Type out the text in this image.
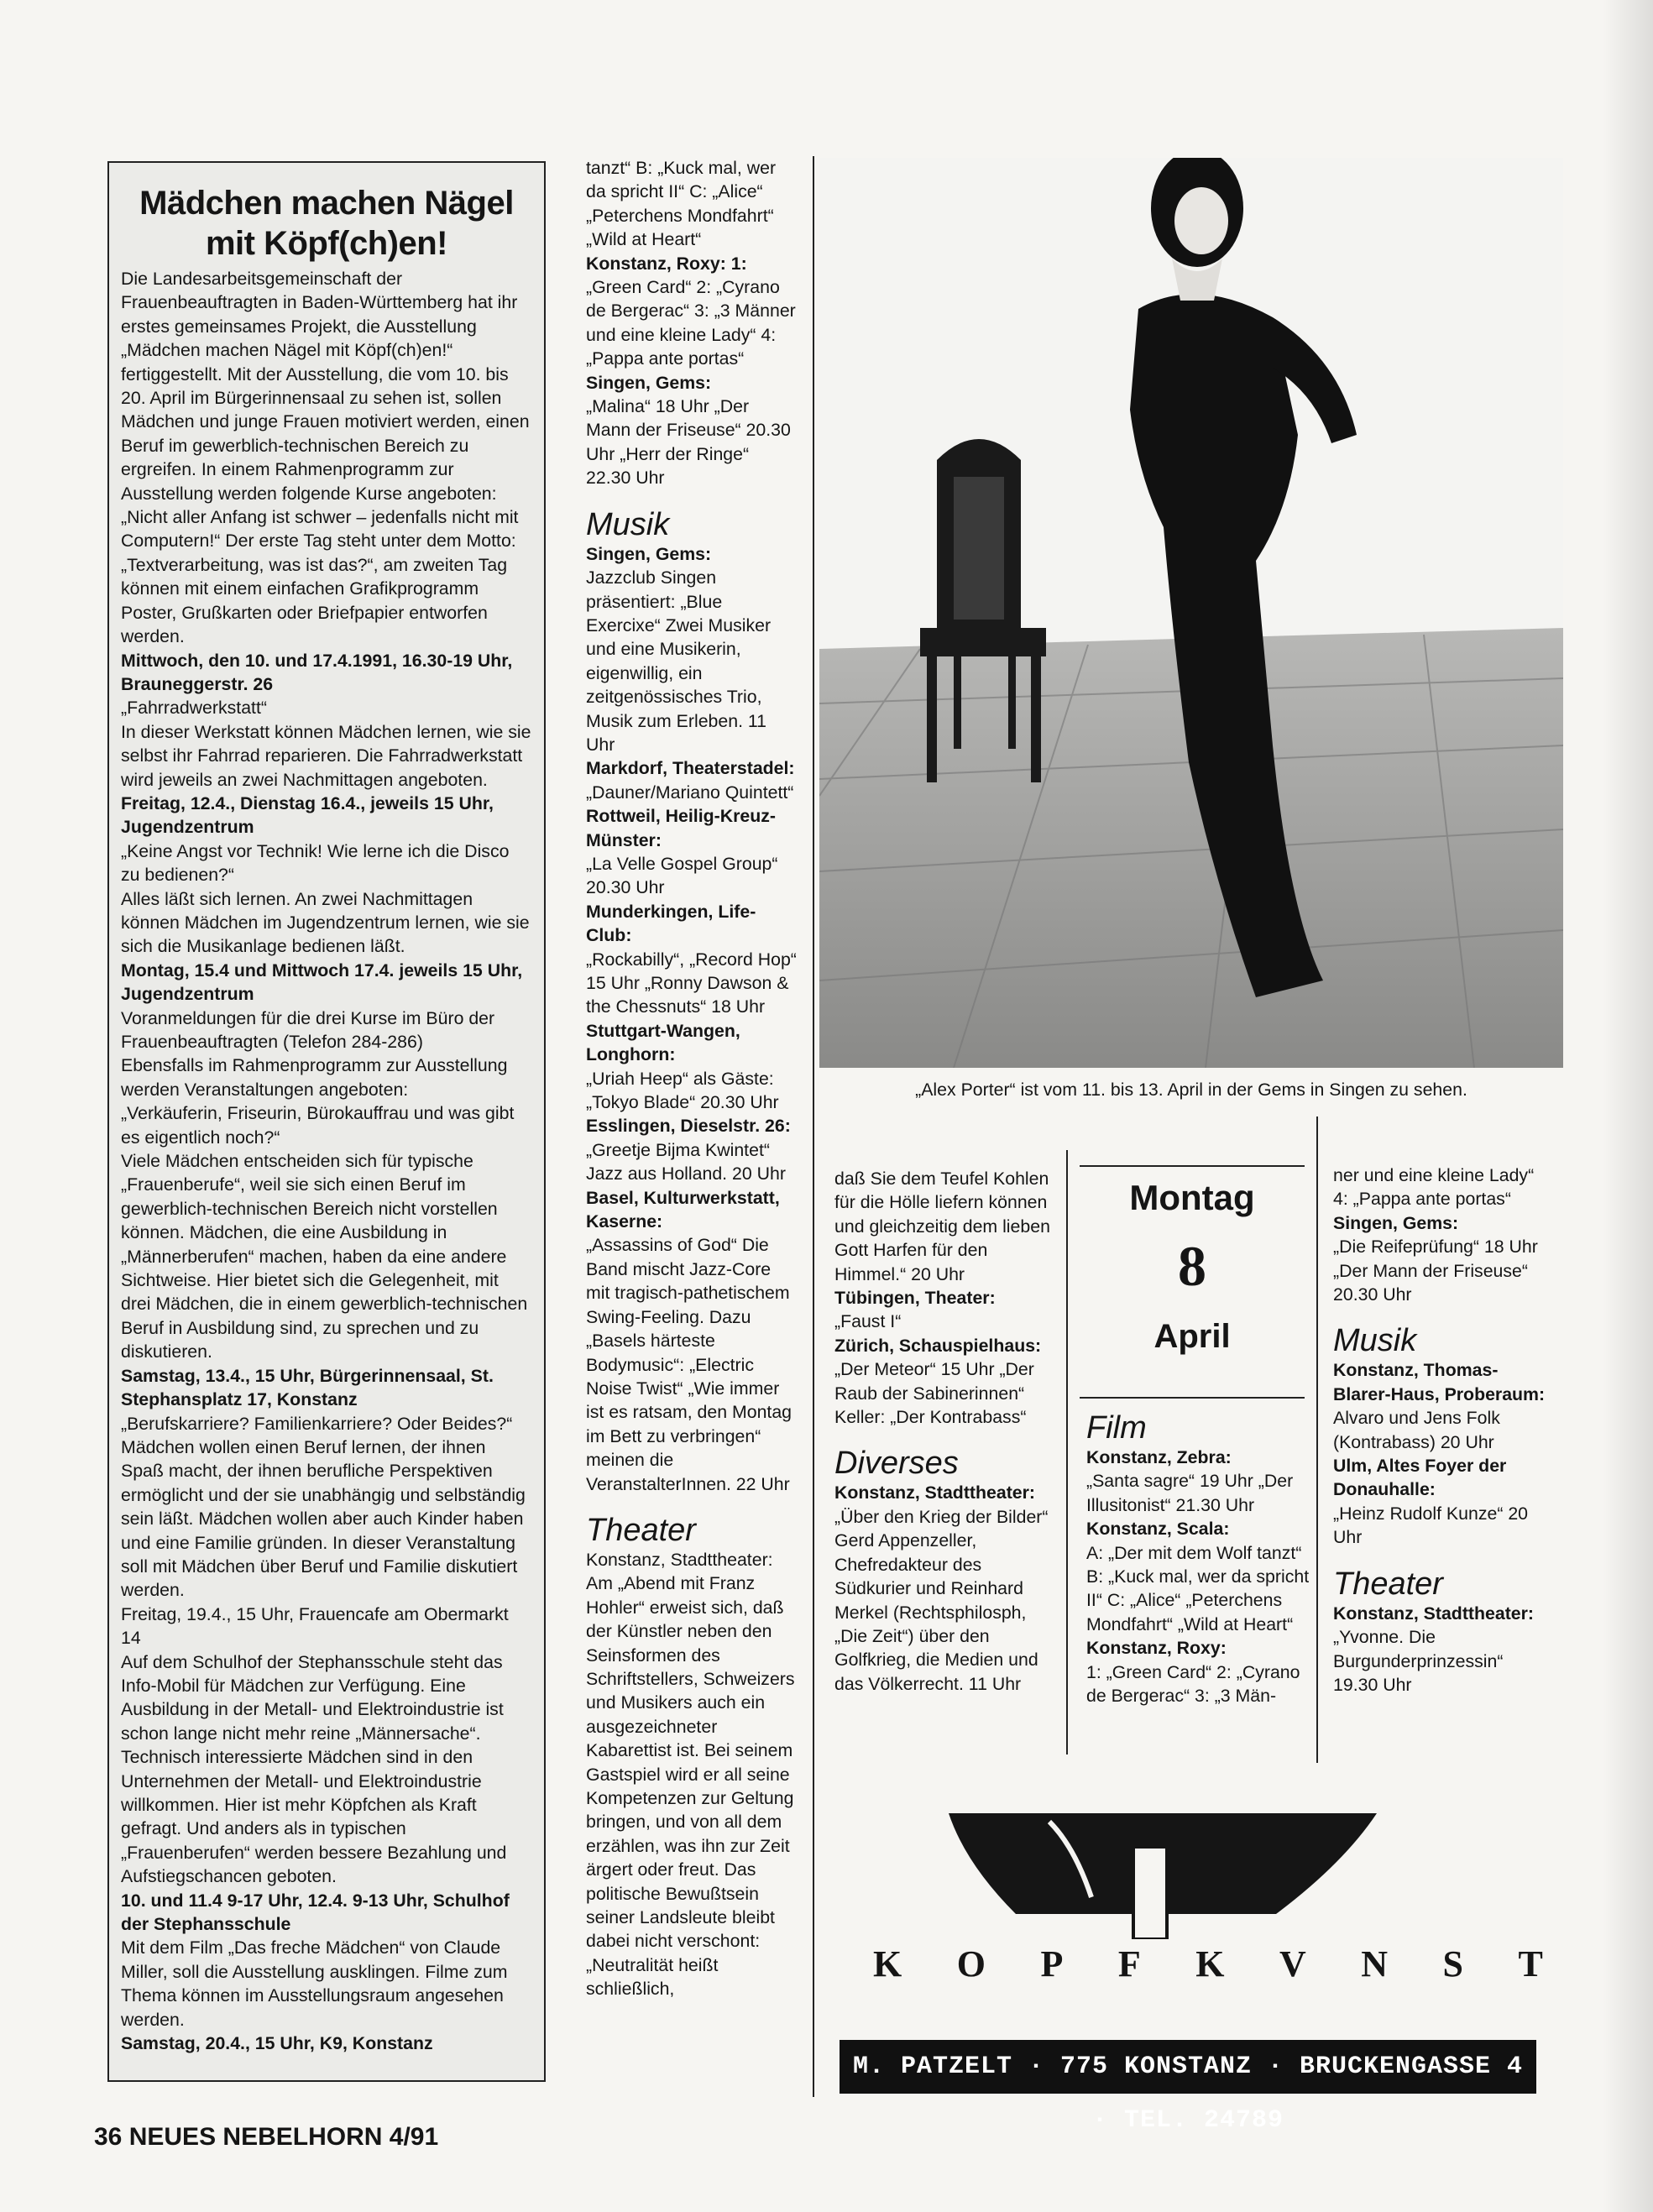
Mädchen machen Nägel mit Köpf(ch)en!

Die Landesarbeitsgemeinschaft der Frauenbeauftragten in Baden-Württemberg hat ihr erstes gemeinsames Projekt, die Ausstellung „Mädchen machen Nägel mit Köpf(ch)en!“ fertiggestellt. Mit der Ausstellung, die vom 10. bis 20. April im Bürgerinnensaal zu sehen ist, sollen Mädchen und junge Frauen motiviert werden, einen Beruf im gewerblich-technischen Bereich zu ergreifen. In einem Rahmenprogramm zur Ausstellung werden folgende Kurse angeboten:

„Nicht aller Anfang ist schwer – jedenfalls nicht mit Computern!“ Der erste Tag steht unter dem Motto: „Textverarbeitung, was ist das?“, am zweiten Tag können mit einem einfachen Grafikprogramm Poster, Grußkarten oder Briefpapier entworfen werden.

Mittwoch, den 10. und 17.4.1991, 16.30-19 Uhr, Brauneggerstr. 26

„Fahrradwerkstatt“

In dieser Werkstatt können Mädchen lernen, wie sie selbst ihr Fahrrad reparieren. Die Fahrradwerkstatt wird jeweils an zwei Nachmittagen angeboten.

Freitag, 12.4., Dienstag 16.4., jeweils 15 Uhr, Jugendzentrum

„Keine Angst vor Technik! Wie lerne ich die Disco zu bedienen?“

Alles läßt sich lernen. An zwei Nachmittagen können Mädchen im Jugendzentrum lernen, wie sie sich die Musikanlage bedienen läßt.

Montag, 15.4 und Mittwoch 17.4. jeweils 15 Uhr, Jugendzentrum

Voranmeldungen für die drei Kurse im Büro der Frauenbeauftragten (Telefon 284-286)

Ebensfalls im Rahmenprogramm zur Ausstellung werden Veranstaltungen angeboten:

„Verkäuferin, Friseurin, Bürokauffrau und was gibt es eigentlich noch?“

Viele Mädchen entscheiden sich für typische „Frauenberufe“, weil sie sich einen Beruf im gewerblich-technischen Bereich nicht vorstellen können. Mädchen, die eine Ausbildung in „Männerberufen“ machen, haben da eine andere Sichtweise. Hier bietet sich die Gelegenheit, mit drei Mädchen, die in einem gewerblich-technischen Beruf in Ausbildung sind, zu sprechen und zu diskutieren.

Samstag, 13.4., 15 Uhr, Bürgerinnensaal, St. Stephansplatz 17, Konstanz

„Berufskarriere? Familienkarriere? Oder Beides?“ Mädchen wollen einen Beruf lernen, der ihnen Spaß macht, der ihnen berufliche Perspektiven ermöglicht und der sie unabhängig und selbständig sein läßt. Mädchen wollen aber auch Kinder haben und eine Familie gründen. In dieser Veranstaltung soll mit Mädchen über Beruf und Familie diskutiert werden.

Freitag, 19.4., 15 Uhr, Frauencafe am Obermarkt 14

Auf dem Schulhof der Stephansschule steht das Info-Mobil für Mädchen zur Verfügung. Eine Ausbildung in der Metall- und Elektroindustrie ist schon lange nicht mehr reine „Männersache“. Technisch interessierte Mädchen sind in den Unternehmen der Metall- und Elektroindustrie willkommen. Hier ist mehr Köpfchen als Kraft gefragt. Und anders als in typischen „Frauenberufen“ werden bessere Bezahlung und Aufstiegschancen geboten.

10. und 11.4 9-17 Uhr, 12.4. 9-13 Uhr, Schulhof der Stephansschule

Mit dem Film „Das freche Mädchen“ von Claude Miller, soll die Ausstellung ausklingen. Filme zum Thema können im Ausstellungsraum angesehen werden.

Samstag, 20.4., 15 Uhr, K9, Konstanz

tanzt“ B: „Kuck mal, wer da spricht II“ C: „Alice“ „Peterchens Mondfahrt“ „Wild at Heart“

Konstanz, Roxy: 1:

„Green Card“ 2: „Cyrano de Bergerac“ 3: „3 Männer und eine kleine Lady“ 4: „Pappa ante portas“

Singen, Gems:

„Malina“ 18 Uhr „Der Mann der Friseuse“ 20.30 Uhr „Herr der Ringe“ 22.30 Uhr

Musik

Singen, Gems:

Jazzclub Singen präsentiert: „Blue Exercixe“ Zwei Musiker und eine Musikerin, eigenwillig, ein zeitgenössisches Trio, Musik zum Erleben. 11 Uhr

Markdorf, Theaterstadel:

„Dauner/Mariano Quintett“

Rottweil, Heilig-Kreuz-Münster:

„La Velle Gospel Group“ 20.30 Uhr

Munderkingen, Life-Club:

„Rockabilly“, „Record Hop“ 15 Uhr „Ronny Dawson & the Chessnuts“ 18 Uhr

Stuttgart-Wangen, Longhorn:

„Uriah Heep“ als Gäste: „Tokyo Blade“ 20.30 Uhr

Esslingen, Dieselstr. 26:

„Greetje Bijma Kwintet“ Jazz aus Holland. 20 Uhr

Basel, Kulturwerkstatt, Kaserne:

„Assassins of God“ Die Band mischt Jazz-Core mit tragisch-pathetischem Swing-Feeling. Dazu „Basels härteste Bodymusic“: „Electric Noise Twist“ „Wie immer ist es ratsam, den Montag im Bett zu verbringen“ meinen die VeranstalterInnen. 22 Uhr

Theater

Konstanz, Stadttheater: Am „Abend mit Franz Hohler“ erweist sich, daß der Künstler neben den Seinsformen des Schriftstellers, Schweizers und Musikers auch ein ausgezeichneter Kabarettist ist. Bei seinem Gastspiel wird er all seine Kompetenzen zur Geltung bringen, und von all dem erzählen, was ihn zur Zeit ärgert oder freut. Das politische Bewußtsein seiner Landsleute bleibt dabei nicht verschont: „Neutralität heißt schließlich,

„Alex Porter“ ist vom 11. bis 13. April in der Gems in Singen zu sehen.

daß Sie dem Teufel Kohlen für die Hölle liefern können und gleichzeitig dem lieben Gott Harfen für den Himmel.“ 20 Uhr

Tübingen, Theater:

„Faust I“

Zürich, Schauspielhaus:

„Der Meteor“ 15 Uhr „Der Raub der Sabinerinnen“ Keller: „Der Kontrabass“

Diverses

Konstanz, Stadttheater:

„Über den Krieg der Bilder“ Gerd Appenzeller, Chefredakteur des Südkurier und Reinhard Merkel (Rechtsphilosph, „Die Zeit“) über den Golfkrieg, die Medien und das Völkerrecht. 11 Uhr

Montag
8
April
Film

Konstanz, Zebra:

„Santa sagre“ 19 Uhr „Der Illusitonist“ 21.30 Uhr

Konstanz, Scala:

A: „Der mit dem Wolf tanzt“ B: „Kuck mal, wer da spricht II“ C: „Alice“ „Peterchens Mondfahrt“ „Wild at Heart“

Konstanz, Roxy:

1: „Green Card“ 2: „Cyrano de Bergerac“ 3: „3 Män-

ner und eine kleine Lady“ 4: „Pappa ante portas“

Singen, Gems:

„Die Reifeprüfung“ 18 Uhr „Der Mann der Friseuse“ 20.30 Uhr

Musik

Konstanz, Thomas-Blarer-Haus, Proberaum:

Alvaro und Jens Folk (Kontrabass) 20 Uhr

Ulm, Altes Foyer der Donauhalle:

„Heinz Rudolf Kunze“ 20 Uhr

Theater

Konstanz, Stadttheater:

„Yvonne. Die Burgunderprinzessin“ 19.30 Uhr

K O P F K V N S T
M. PATZELT · 775 KONSTANZ · BRUCKENGASSE 4 · TEL. 24789
36 NEUES NEBELHORN 4/91
